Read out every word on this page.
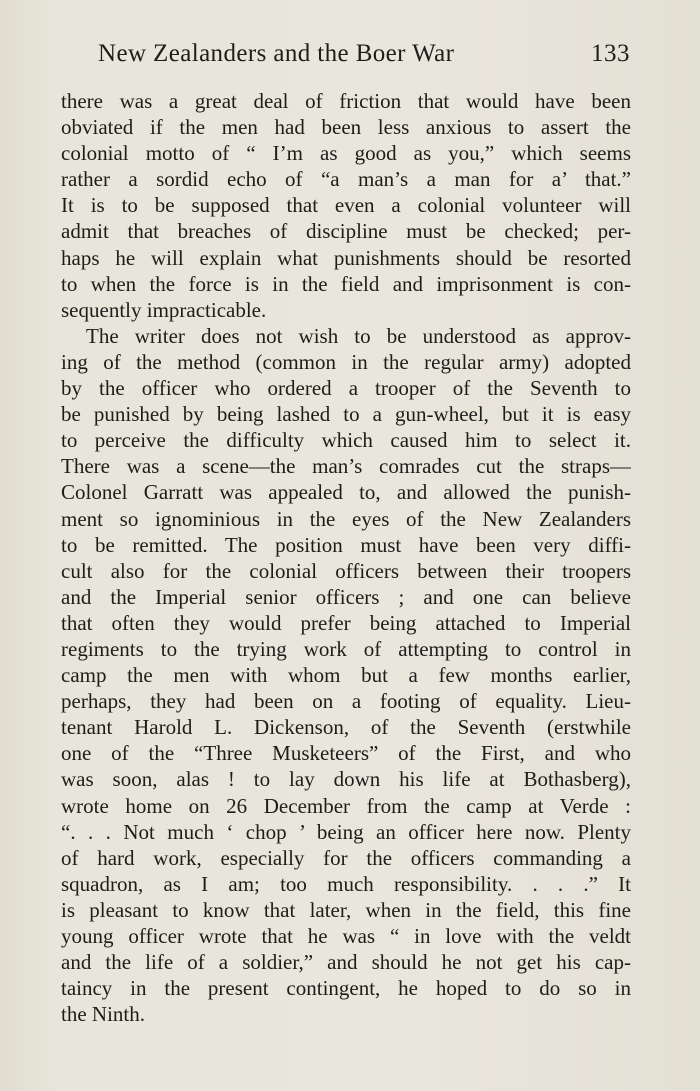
New Zealanders and the Boer War	133
there was a great deal of friction that would have been
obviated if the men had been less anxious to assert the
colonial motto of “ I’m as good as you,” which seems
rather a sordid echo of “a man’s a man for a’ that.”
It is to be supposed that even a colonial volunteer will
admit that breaches of discipline must be checked; per-
haps he will explain what punishments should be resorted
to when the force is in the field and imprisonment is con-
sequently impracticable.
The writer does not wish to be understood as approv-
ing of the method (common in the regular army) adopted
by the officer who ordered a trooper of the Seventh to
be punished by being lashed to a gun-wheel, but it is easy
to perceive the difficulty which caused him to select it.
There was a scene—the man’s comrades cut the straps—
Colonel Garratt was appealed to, and allowed the punish-
ment so ignominious in the eyes of the New Zealanders
to be remitted. The position must have been very diffi-
cult also for the colonial officers between their troopers
and the Imperial senior officers ; and one can believe
that often they would prefer being attached to Imperial
regiments to the trying work of attempting to control in
camp the men with whom but a few months earlier,
perhaps, they had been on a footing of equality. Lieu-
tenant Harold L. Dickenson, of the Seventh (erstwhile
one of the “Three Musketeers” of the First, and who
was soon, alas ! to lay down his life at Bothasberg),
wrote home on 26 December from the camp at Verde :
“. . . Not much ‘ chop ’ being an officer here now. Plenty
of hard work, especially for the officers commanding a
squadron, as I am; too much responsibility. . . .” It
is pleasant to know that later, when in the field, this fine
young officer wrote that he was “ in love with the veldt
and the life of a soldier,” and should he not get his cap-
taincy in the present contingent, he hoped to do so in
the Ninth.
